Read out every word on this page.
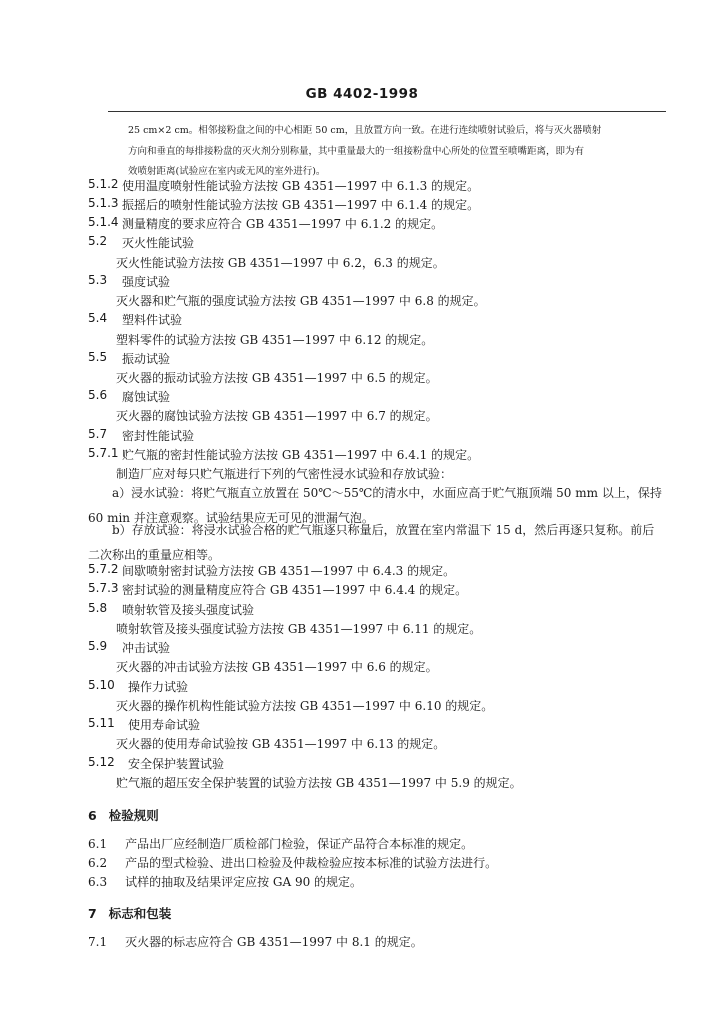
GB 4402-1998

25 cm×2 cm。相邻接粉盘之间的中心相距 50 cm，且放置方向一致。在进行连续喷射试验后，将与灭火器喷射

方向和垂直的每排接粉盘的灭火剂分别称量，其中重量最大的一组接粉盘中心所处的位置至喷嘴距离，即为有

效喷射距离(试验应在室内或无风的室外进行)。

5.1.2 使用温度喷射性能试验方法按 GB 4351—1997 中 6.1.3 的规定。
5.1.3 振摇后的喷射性能试验方法按 GB 4351—1997 中 6.1.4 的规定。
5.1.4 测量精度的要求应符合 GB 4351—1997 中 6.1.2 的规定。
5.2 灭火性能试验
灭火性能试验方法按 GB 4351—1997 中 6.2，6.3 的规定。
5.3 强度试验
灭火器和贮气瓶的强度试验方法按 GB 4351—1997 中 6.8 的规定。
5.4 塑料件试验
塑料零件的试验方法按 GB 4351—1997 中 6.12 的规定。
5.5 振动试验
灭火器的振动试验方法按 GB 4351—1997 中 6.5 的规定。
5.6 腐蚀试验
灭火器的腐蚀试验方法按 GB 4351—1997 中 6.7 的规定。
5.7 密封性能试验
5.7.1 贮气瓶的密封性能试验方法按 GB 4351—1997 中 6.4.1 的规定。
制造厂应对每只贮气瓶进行下列的气密性浸水试验和存放试验：
a）浸水试验：将贮气瓶直立放置在 50℃～55℃的清水中，水面应高于贮气瓶顶端 50 mm 以上，保持 60 min 并注意观察。试验结果应无可见的泄漏气泡。
b）存放试验：将浸水试验合格的贮气瓶逐只称量后，放置在室内常温下 15 d，然后再逐只复称。前后二次称出的重量应相等。
5.7.2 间歇喷射密封试验方法按 GB 4351—1997 中 6.4.3 的规定。
5.7.3 密封试验的测量精度应符合 GB 4351—1997 中 6.4.4 的规定。
5.8 喷射软管及接头强度试验
喷射软管及接头强度试验方法按 GB 4351—1997 中 6.11 的规定。
5.9 冲击试验
灭火器的冲击试验方法按 GB 4351—1997 中 6.6 的规定。
5.10 操作力试验
灭火器的操作机构性能试验方法按 GB 4351—1997 中 6.10 的规定。
5.11 使用寿命试验
灭火器的使用寿命试验按 GB 4351—1997 中 6.13 的规定。
5.12 安全保护装置试验
贮气瓶的超压安全保护装置的试验方法按 GB 4351—1997 中 5.9 的规定。
6 检验规则
6.1 产品出厂应经制造厂质检部门检验，保证产品符合本标准的规定。
6.2 产品的型式检验、进出口检验及仲裁检验应按本标准的试验方法进行。
6.3 试样的抽取及结果评定应按 GA 90 的规定。
7 标志和包装
7.1 灭火器的标志应符合 GB 4351—1997 中 8.1 的规定。
